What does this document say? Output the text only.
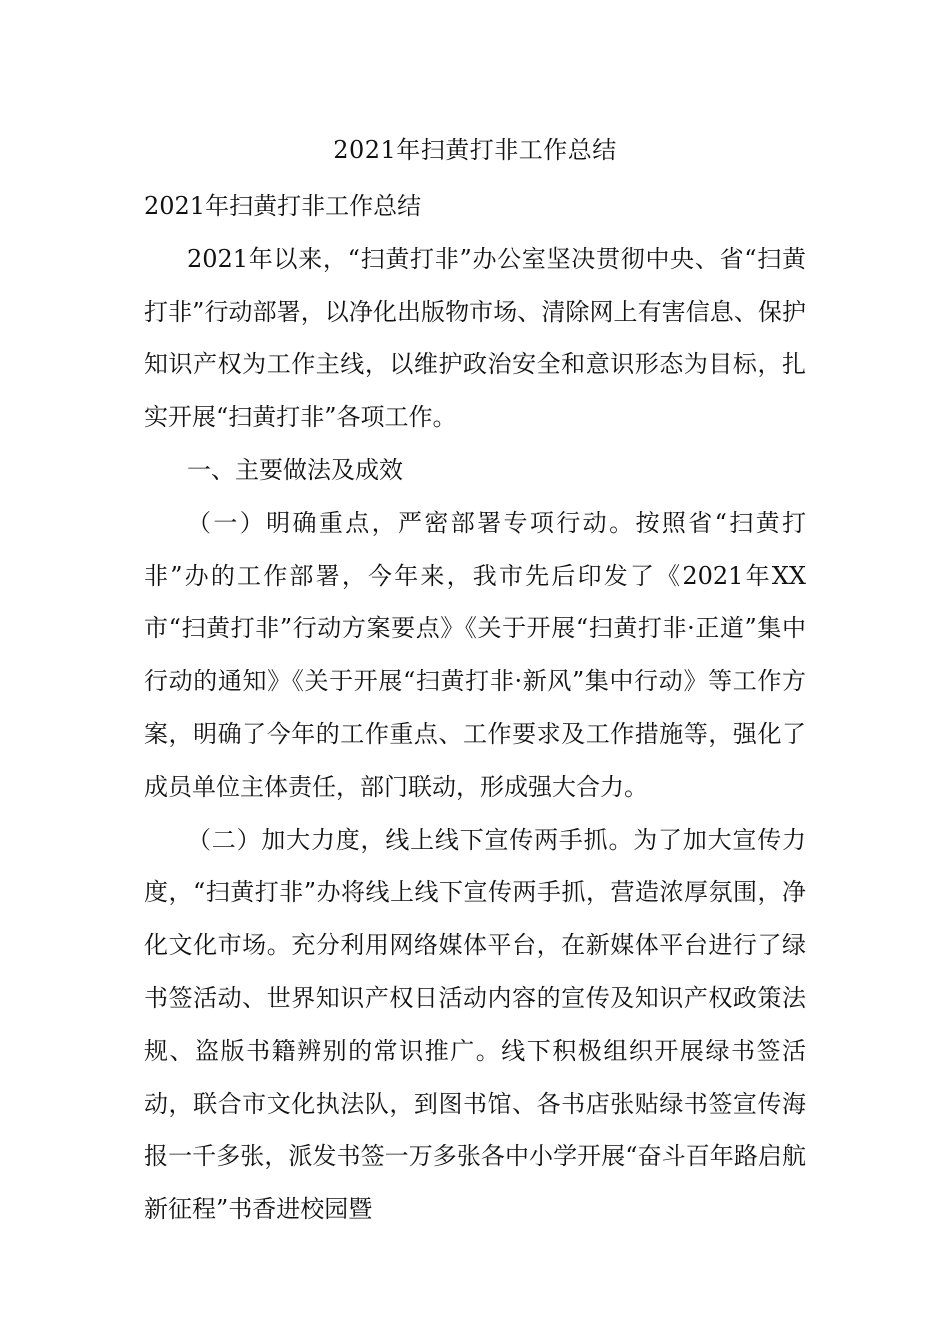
2021年扫黄打非工作总结

2021年扫黄打非工作总结

2021年以来，“扫黄打非”办公室坚决贯彻中央、省“扫黄打非”行动部署，以净化出版物市场、清除网上有害信息、保护知识产权为工作主线，以维护政治安全和意识形态为目标，扎实开展“扫黄打非”各项工作。

一、主要做法及成效

（一）明确重点，严密部署专项行动。按照省“扫黄打非”办的工作部署，今年来，我市先后印发了《2021年XX市“扫黄打非”行动方案要点》《关于开展“扫黄打非·正道”集中行动的通知》《关于开展“扫黄打非·新风”集中行动》等工作方案，明确了今年的工作重点、工作要求及工作措施等，强化了成员单位主体责任，部门联动，形成强大合力。

（二）加大力度，线上线下宣传两手抓。为了加大宣传力度，“扫黄打非”办将线上线下宣传两手抓，营造浓厚氛围，净化文化市场。充分利用网络媒体平台，在新媒体平台进行了绿书签活动、世界知识产权日活动内容的宣传及知识产权政策法规、盗版书籍辨别的常识推广。线下积极组织开展绿书签活动，联合市文化执法队，到图书馆、各书店张贴绿书签宣传海报一千多张，派发书签一万多张各中小学开展“奋斗百年路启航新征程”书香进校园暨
